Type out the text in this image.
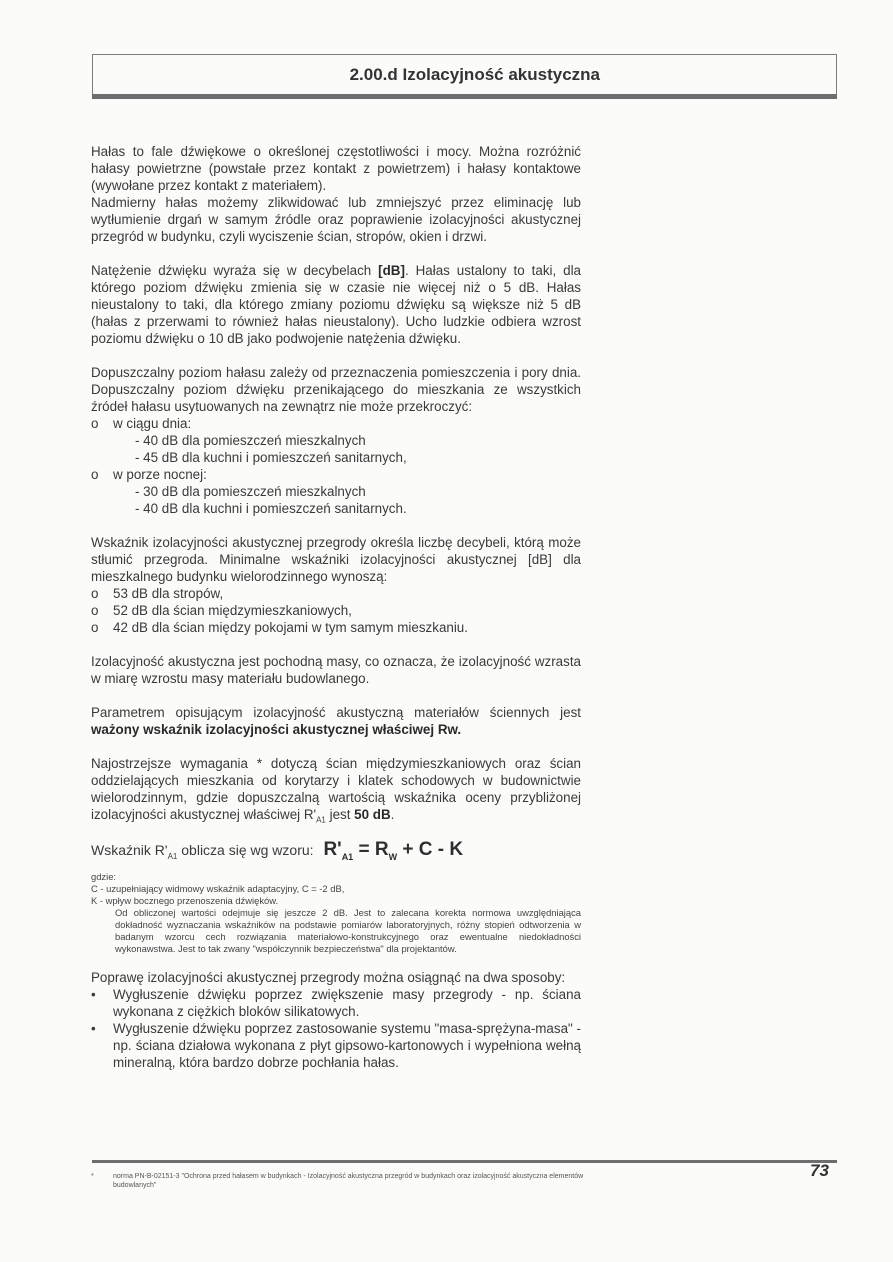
2.00.d Izolacyjność akustyczna

Hałas to fale dźwiękowe o określonej częstotliwości i mocy. Można rozróżnić hałasy powietrzne (powstałe przez kontakt z powietrzem) i hałasy kontaktowe (wywołane przez kontakt z materiałem).

Nadmierny hałas możemy zlikwidować lub zmniejszyć przez eliminację lub wytłumienie drgań w samym źródle oraz poprawienie izolacyjności akustycznej przegród w budynku, czyli wyciszenie ścian, stropów, okien i drzwi.

Natężenie dźwięku wyraża się w decybelach [dB]. Hałas ustalony to taki, dla którego poziom dźwięku zmienia się w czasie nie więcej niż o 5 dB. Hałas nieustalony to taki, dla którego zmiany poziomu dźwięku są większe niż 5 dB (hałas z przerwami to również hałas nieustalony). Ucho ludzkie odbiera wzrost poziomu dźwięku o 10 dB jako podwojenie natężenia dźwięku.

Dopuszczalny poziom hałasu zależy od przeznaczenia pomieszczenia i pory dnia. Dopuszczalny poziom dźwięku przenikającego do mieszkania ze wszystkich źródeł hałasu usytuowanych na zewnątrz nie może przekroczyć:

o w ciągu dnia:
- 40 dB dla pomieszczeń mieszkalnych
- 45 dB dla kuchni i pomieszczeń sanitarnych,
o w porze nocnej:
- 30 dB dla pomieszczeń mieszkalnych
- 40 dB dla kuchni i pomieszczeń sanitarnych.

Wskaźnik izolacyjności akustycznej przegrody określa liczbę decybeli, którą może stłumić przegroda. Minimalne wskaźniki izolacyjności akustycznej [dB] dla mieszkalnego budynku wielorodzinnego wynoszą:

o 53 dB dla stropów,
o 52 dB dla ścian międzymieszkaniowych,
o 42 dB dla ścian między pokojami w tym samym mieszkaniu.

Izolacyjność akustyczna jest pochodną masy, co oznacza, że izolacyjność wzrasta w miarę wzrostu masy materiału budowlanego.

Parametrem opisującym izolacyjność akustyczną materiałów ściennych jest ważony wskaźnik izolacyjności akustycznej właściwej Rw.

Najostrzejsze wymagania * dotyczą ścian międzymieszkaniowych oraz ścian oddzielających mieszkania od korytarzy i klatek schodowych w budownictwie wielorodzinnym, gdzie dopuszczalną wartością wskaźnika oceny przybliżonej izolacyjności akustycznej właściwej $R'_{A1}$ jest 50 dB.

Wskaźnik $R'_{A1}$ oblicza się wg wzoru: $R'_{A1} = R_W + C - K$

gdzie:

C - uzupełniający widmowy wskaźnik adaptacyjny, C = -2 dB,

K - wpływ bocznego przenoszenia dźwięków.

Od obliczonej wartości odejmuje się jeszcze 2 dB. Jest to zalecana korekta normowa uwzględniająca dokładność wyznaczania wskaźników na podstawie pomiarów laboratoryjnych, różny stopień odtworzenia w badanym wzorcu cech rozwiązania materiałowo-konstrukcyjnego oraz ewentualne niedokładności wykonawstwa. Jest to tak zwany "współczynnik bezpieczeństwa" dla projektantów.

Poprawę izolacyjności akustycznej przegrody można osiągnąć na dwa sposoby:

• Wygłuszenie dźwięku poprzez zwiększenie masy przegrody - np. ściana wykonana z ciężkich bloków silikatowych.
• Wygłuszenie dźwięku poprzez zastosowanie systemu "masa-sprężyna-masa" - np. ściana działowa wykonana z płyt gipsowo-kartonowych i wypełniona wełną mineralną, która bardzo dobrze pochłania hałas.
73
*	norma PN-B-02151-3 "Ochrona przed hałasem w budynkach - Izolacyjność akustyczna przegród w budynkach oraz izolacyjność akustyczna elementów budowlanych"
